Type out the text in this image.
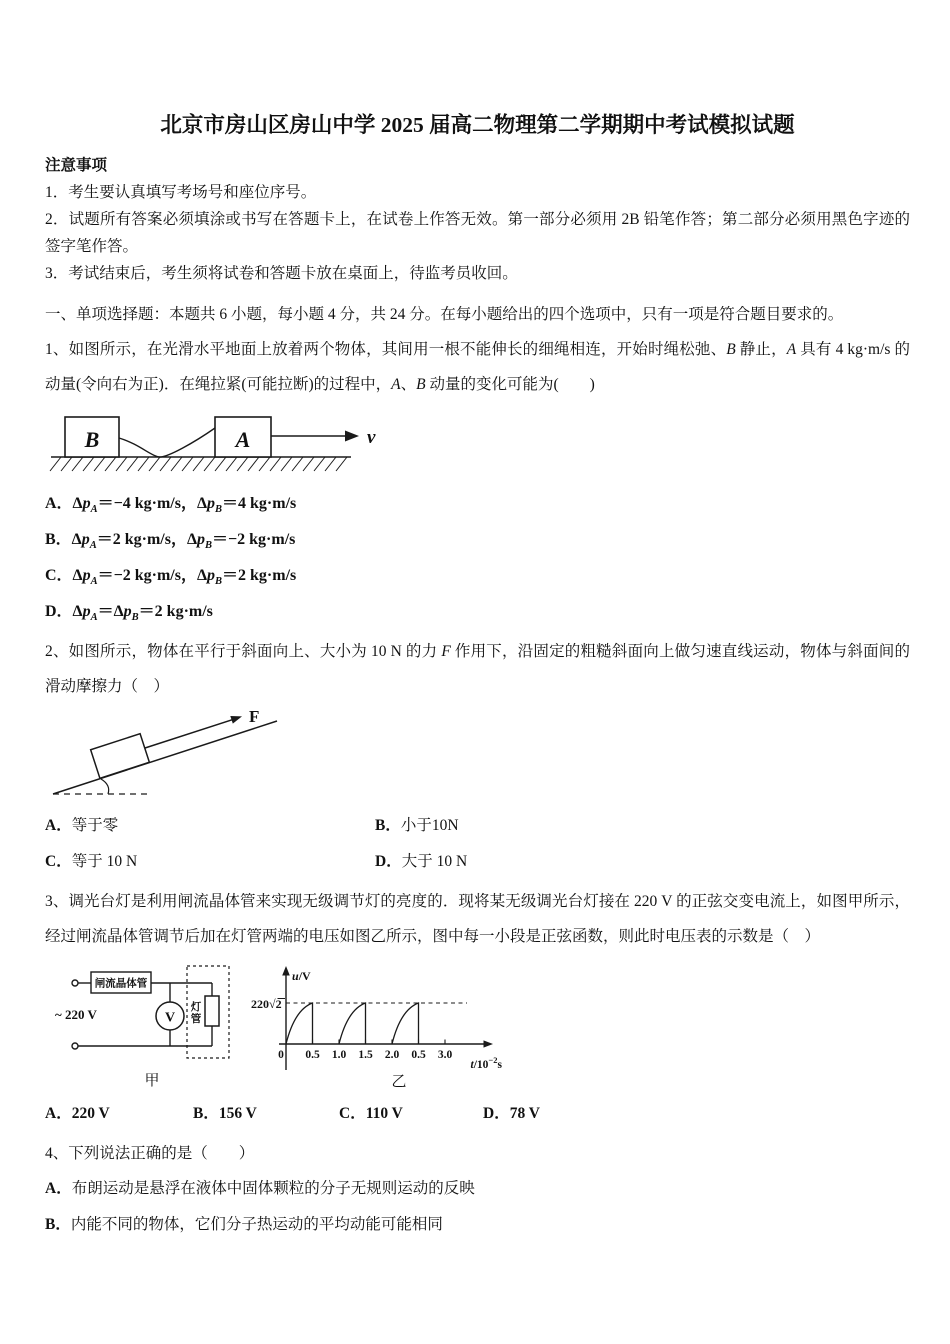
北京市房山区房山中学 2025 届高二物理第二学期期中考试模拟试题

注意事项

1．考生要认真填写考场号和座位序号。

2．试题所有答案必须填涂或书写在答题卡上，在试卷上作答无效。第一部分必须用 2B 铅笔作答；第二部分必须用黑色字迹的签字笔作答。

3．考试结束后，考生须将试卷和答题卡放在桌面上，待监考员收回。

一、单项选择题：本题共 6 小题，每小题 4 分，共 24 分。在每小题给出的四个选项中，只有一项是符合题目要求的。

1、如图所示，在光滑水平地面上放着两个物体，其间用一根不能伸长的细绳相连，开始时绳松弛、B 静止，A 具有 4 kg·m/s 的动量(令向右为正)．在绳拉紧(可能拉断)的过程中，A、B 动量的变化可能为(　　)

B	A	v

A．$\Delta p_A=-4$ kg·m/s，$\Delta p_B=4$ kg·m/s

B．$\Delta p_A=2$ kg·m/s，$\Delta p_B=-2$ kg·m/s

C．$\Delta p_A=-2$ kg·m/s，$\Delta p_B=2$ kg·m/s

D．$\Delta p_A=\Delta p_B=2$ kg·m/s

2、如图所示，物体在平行于斜面向上、大小为 10 N 的力 F 作用下，沿固定的粗糙斜面向上做匀速直线运动，物体与斜面间的滑动摩擦力（　）

F

A．等于零	B．小于10N

C．等于 10 N	D．大于 10 N

3、调光台灯是利用闸流晶体管来实现无级调节灯的亮度的．现将某无级调光台灯接在 220 V 的正弦交变电流上，如图甲所示，经过闸流晶体管调节后加在灯管两端的电压如图乙所示，图中每一小段是正弦函数，则此时电压表的示数是（　）

~ 220 V
闸流晶体管
V
灯
管
甲
u/V
220√2
0 0.5 1.0 1.5 2.0 0.5 3.0
$t/10^{-2}s$
乙

A．220 V	B．156 V	C．110 V	D．78 V

4、下列说法正确的是（　　）

A．布朗运动是悬浮在液体中固体颗粒的分子无规则运动的反映

B．内能不同的物体，它们分子热运动的平均动能可能相同
